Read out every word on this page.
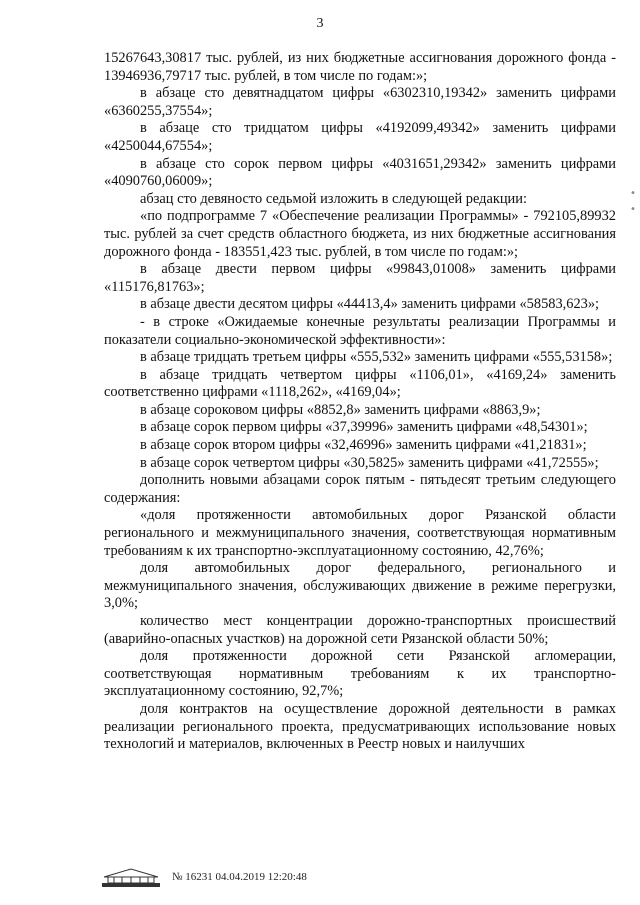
3

15267643,30817 тыс. рублей, из них бюджетные ассигнования дорожного фонда - 13946936,79717 тыс. рублей, в том числе по годам:»;

в абзаце сто девятнадцатом цифры «6302310,19342» заменить цифрами «6360255,37554»;

в абзаце сто тридцатом цифры «4192099,49342» заменить цифрами «4250044,67554»;

в абзаце сто сорок первом цифры «4031651,29342» заменить цифрами «4090760,06009»;

абзац сто девяносто седьмой изложить в следующей редакции:

«по подпрограмме 7 «Обеспечение реализации Программы» - 792105,89932 тыс. рублей за счет средств областного бюджета, из них бюджетные ассигнования дорожного фонда - 183551,423 тыс. рублей, в том числе по годам:»;

в абзаце двести первом цифры «99843,01008» заменить цифрами «115176,81763»;

в абзаце двести десятом цифры «44413,4» заменить цифрами «58583,623»;

- в строке «Ожидаемые конечные результаты реализации Программы и показатели социально-экономической эффективности»:

в абзаце тридцать третьем цифры «555,532» заменить цифрами «555,53158»;

в абзаце тридцать четвертом цифры «1106,01», «4169,24» заменить соответственно цифрами «1118,262», «4169,04»;

в абзаце сороковом цифры «8852,8» заменить цифрами «8863,9»;

в абзаце сорок первом цифры «37,39996» заменить цифрами «48,54301»;

в абзаце сорок втором цифры «32,46996» заменить цифрами «41,21831»;

в абзаце сорок четвертом цифры «30,5825» заменить цифрами «41,72555»;

дополнить новыми абзацами сорок пятым - пятьдесят третьим следующего содержания:

«доля протяженности автомобильных дорог Рязанской области регионального и межмуниципального значения, соответствующая нормативным требованиям к их транспортно-эксплуатационному состоянию, 42,76%;

доля автомобильных дорог федерального, регионального и межмуниципального значения, обслуживающих движение в режиме перегрузки, 3,0%;

количество мест концентрации дорожно-транспортных происшествий (аварийно-опасных участков) на дорожной сети Рязанской области 50%;

доля протяженности дорожной сети Рязанской агломерации, соответствующая нормативным требованиям к их транспортно-эксплуатационному состоянию, 92,7%;

доля контрактов на осуществление дорожной деятельности в рамках реализации регионального проекта, предусматривающих использование новых технологий и материалов, включенных в Реестр новых и наилучших

•
•
№ 16231 04.04.2019 12:20:48
